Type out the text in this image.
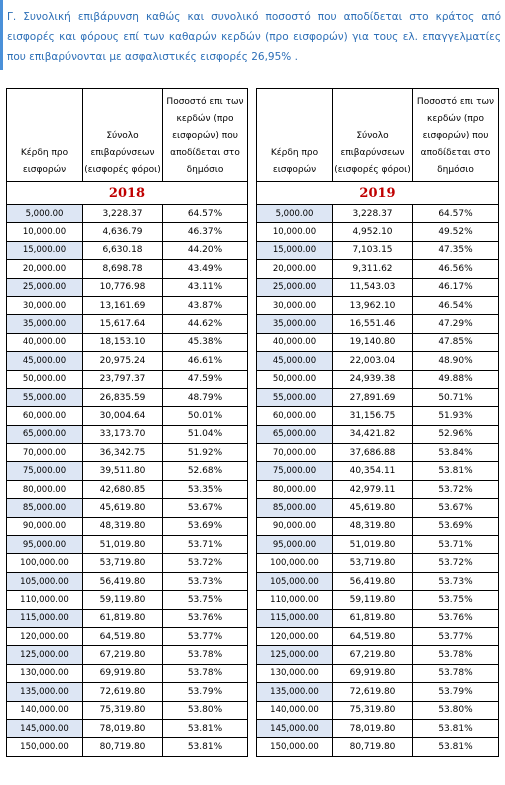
Γ. Συνολική επιβάρυνση καθώς και συνολικό ποσοστό που αποδίδεται στο κράτος από εισφορές και φόρους επί των καθαρών κερδών (προ εισφορών) για τους ελ. επαγγελματίες που επιβαρύνονται με ασφαλιστικές εισφορές 26,95% .

Κέρδη προ εισφορών	Σύνολο επιβαρύνσεων (εισφορές φόροι)	Ποσοστό επι των κερδών (προ εισφορών) που αποδίδεται στο δημόσιο
2018		
5,000.00	3,228.37	64.57%
10,000.00	4,636.79	46.37%
15,000.00	6,630.18	44.20%
20,000.00	8,698.78	43.49%
25,000.00	10,776.98	43.11%
30,000.00	13,161.69	43.87%
35,000.00	15,617.64	44.62%
40,000.00	18,153.10	45.38%
45,000.00	20,975.24	46.61%
50,000.00	23,797.37	47.59%
55,000.00	26,835.59	48.79%
60,000.00	30,004.64	50.01%
65,000.00	33,173.70	51.04%
70,000.00	36,342.75	51.92%
75,000.00	39,511.80	52.68%
80,000.00	42,680.85	53.35%
85,000.00	45,619.80	53.67%
90,000.00	48,319.80	53.69%
95,000.00	51,019.80	53.71%
100,000.00	53,719.80	53.72%
105,000.00	56,419.80	53.73%
110,000.00	59,119.80	53.75%
115,000.00	61,819.80	53.76%
120,000.00	64,519.80	53.77%
125,000.00	67,219.80	53.78%
130,000.00	69,919.80	53.78%
135,000.00	72,619.80	53.79%
140,000.00	75,319.80	53.80%
145,000.00	78,019.80	53.81%
150,000.00	80,719.80	53.81%
Κέρδη προ εισφορών	Σύνολο επιβαρύνσεων (εισφορές φόροι)	Ποσοστό επι των κερδών (προ εισφορών) που αποδίδεται στο δημόσιο
2019		
5,000.00	3,228.37	64.57%
10,000.00	4,952.10	49.52%
15,000.00	7,103.15	47.35%
20,000.00	9,311.62	46.56%
25,000.00	11,543.03	46.17%
30,000.00	13,962.10	46.54%
35,000.00	16,551.46	47.29%
40,000.00	19,140.80	47.85%
45,000.00	22,003.04	48.90%
50,000.00	24,939.38	49.88%
55,000.00	27,891.69	50.71%
60,000.00	31,156.75	51.93%
65,000.00	34,421.82	52.96%
70,000.00	37,686.88	53.84%
75,000.00	40,354.11	53.81%
80,000.00	42,979.11	53.72%
85,000.00	45,619.80	53.67%
90,000.00	48,319.80	53.69%
95,000.00	51,019.80	53.71%
100,000.00	53,719.80	53.72%
105,000.00	56,419.80	53.73%
110,000.00	59,119.80	53.75%
115,000.00	61,819.80	53.76%
120,000.00	64,519.80	53.77%
125,000.00	67,219.80	53.78%
130,000.00	69,919.80	53.78%
135,000.00	72,619.80	53.79%
140,000.00	75,319.80	53.80%
145,000.00	78,019.80	53.81%
150,000.00	80,719.80	53.81%
